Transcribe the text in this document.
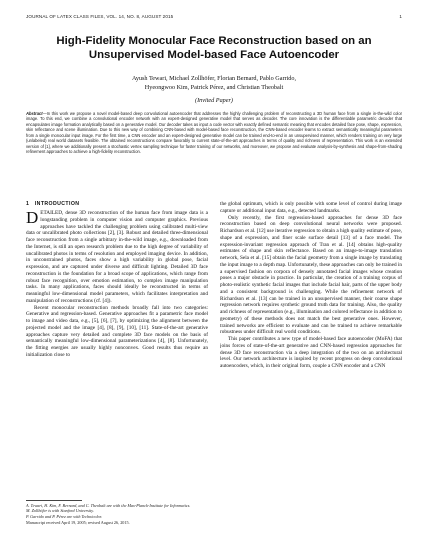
JOURNAL OF LATEX CLASS FILES, VOL. 14, NO. 8, AUGUST 2015	1
High-Fidelity Monocular Face Reconstruction based on an
Unsupervised Model-based Face Autoencoder
Ayush Tewari, Michael Zollhöfer, Florian Bernard, Pablo Garrido,
Hyeongwoo Kim, Patrick Pérez, and Christian Theobalt
(Invited Paper)
Abstract—In this work we propose a novel model-based deep convolutional autoencoder that addresses the highly challenging problem of reconstructing a 3D human face from a single in-the-wild color image. To this end, we combine a convolutional encoder network with an expert-designed generative model that serves as decoder. The core innovation is the differentiable parametric decoder that encapsulates image formation analytically based on a generative model. Our decoder takes as input a code vector with exactly defined semantic meaning that encodes detailed face pose, shape, expression, skin reflectance and scene illumination. Due to this new way of combining CNN-based with model-based face reconstruction, the CNN-based encoder learns to extract semantically meaningful parameters from a single monocular input image. For the first time, a CNN encoder and an expert-designed generative model can be trained end-to-end in an unsupervised manner, which renders training on very large (unlabeled) real world datasets feasible. The obtained reconstructions compare favorably to current state-of-the-art approaches in terms of quality and richness of representation. This work is an extended version of [1], where we additionally present a stochastic vertex sampling technique for faster training of our networks, and moreover, we propose and evaluate analysis-by-synthesis and shape-from-shading refinement approaches to achieve a high-fidelity reconstruction.
1 INTRODUCTION

DETAILED, dense 3D reconstruction of the human face from image data is a longstanding problem in computer vision and computer graphics. Previous approaches have tackled the challenging problem using calibrated multi-view data or uncalibrated photo collections [2], [3]. Robust and detailed three-dimensional face reconstruction from a single arbitrary in-the-wild image, e.g., downloaded from the Internet, is still an open research problem due to the high degree of variability of uncalibrated photos in terms of resolution and employed imaging device. In addition, in unconstrained photos, faces show a high variability in global pose, facial expression, and are captured under diverse and difficult lighting. Detailed 3D face reconstruction is the foundation for a broad scope of applications, which range from robust face recognition, over emotion estimation, to complex image manipulation tasks. In many applications, faces should ideally be reconstructed in terms of meaningful low-dimensional model parameters, which facilitates interpretation and manipulation of reconstructions (cf. [4]).

Recent monocular reconstruction methods broadly fall into two categories: Generative and regression-based. Generative approaches fit a parametric face model to image and video data, e.g., [5], [6], [7], by optimizing the alignment between the projected model and the image [4], [8], [9], [10], [11]. State-of-the-art generative approaches capture very detailed and complete 3D face models on the basis of semantically meaningful low-dimensional parameterizations [4], [8]. Unfortunately, the fitting energies are usually highly nonconvex. Good results thus require an initialization close to

the global optimum, which is only possible with some level of control during image capture or additional input data, e.g., detected landmarks.

Only recently, the first regression-based approaches for dense 3D face reconstruction based on deep convolutional neural networks were proposed. Richardson et al. [12] use iterative regression to obtain a high quality estimate of pose, shape and expression, and finer scale surface detail [13] of a face model. The expression-invariant regression approach of Tran et al. [14] obtains high-quality estimates of shape and skin reflectance. Based on an image-to-image translation network, Sela et al. [15] obtain the facial geometry from a single image by translating the input image to a depth map. Unfortunately, these approaches can only be trained in a supervised fashion on corpora of densely annotated facial images whose creation poses a major obstacle in practice. In particular, the creation of a training corpus of photo-realistic synthetic facial images that include facial hair, parts of the upper body and a consistent background is challenging. While the refinement network of Richardson et al. [13] can be trained in an unsupervised manner, their coarse shape regression network requires synthetic ground truth data for training. Also, the quality and richness of representation (e.g., illumination and colored reflectance in addition to geometry) of these methods does not match the best generative ones. However, trained networks are efficient to evaluate and can be trained to achieve remarkable robustness under difficult real world conditions.

This paper contributes a new type of model-based face autoencoder (MoFA) that joins forces of state-of-the-art generative and CNN-based regression approaches for dense 3D face reconstruction via a deep integration of the two on an architectural level. Our network architecture is inspired by recent progress on deep convolutional autoencoders, which, in their original form, couple a CNN encoder and a CNN

A. Tewari, H. Kim, F. Bernard, and C. Theobalt are with the Max-Planck-Institute for Informatics.
M. Zollhöfer is with Stanford University.
P. Garrido and P. Pérez are with Technicolor.
Manuscript received April 19, 2005; revised August 26, 2015.
